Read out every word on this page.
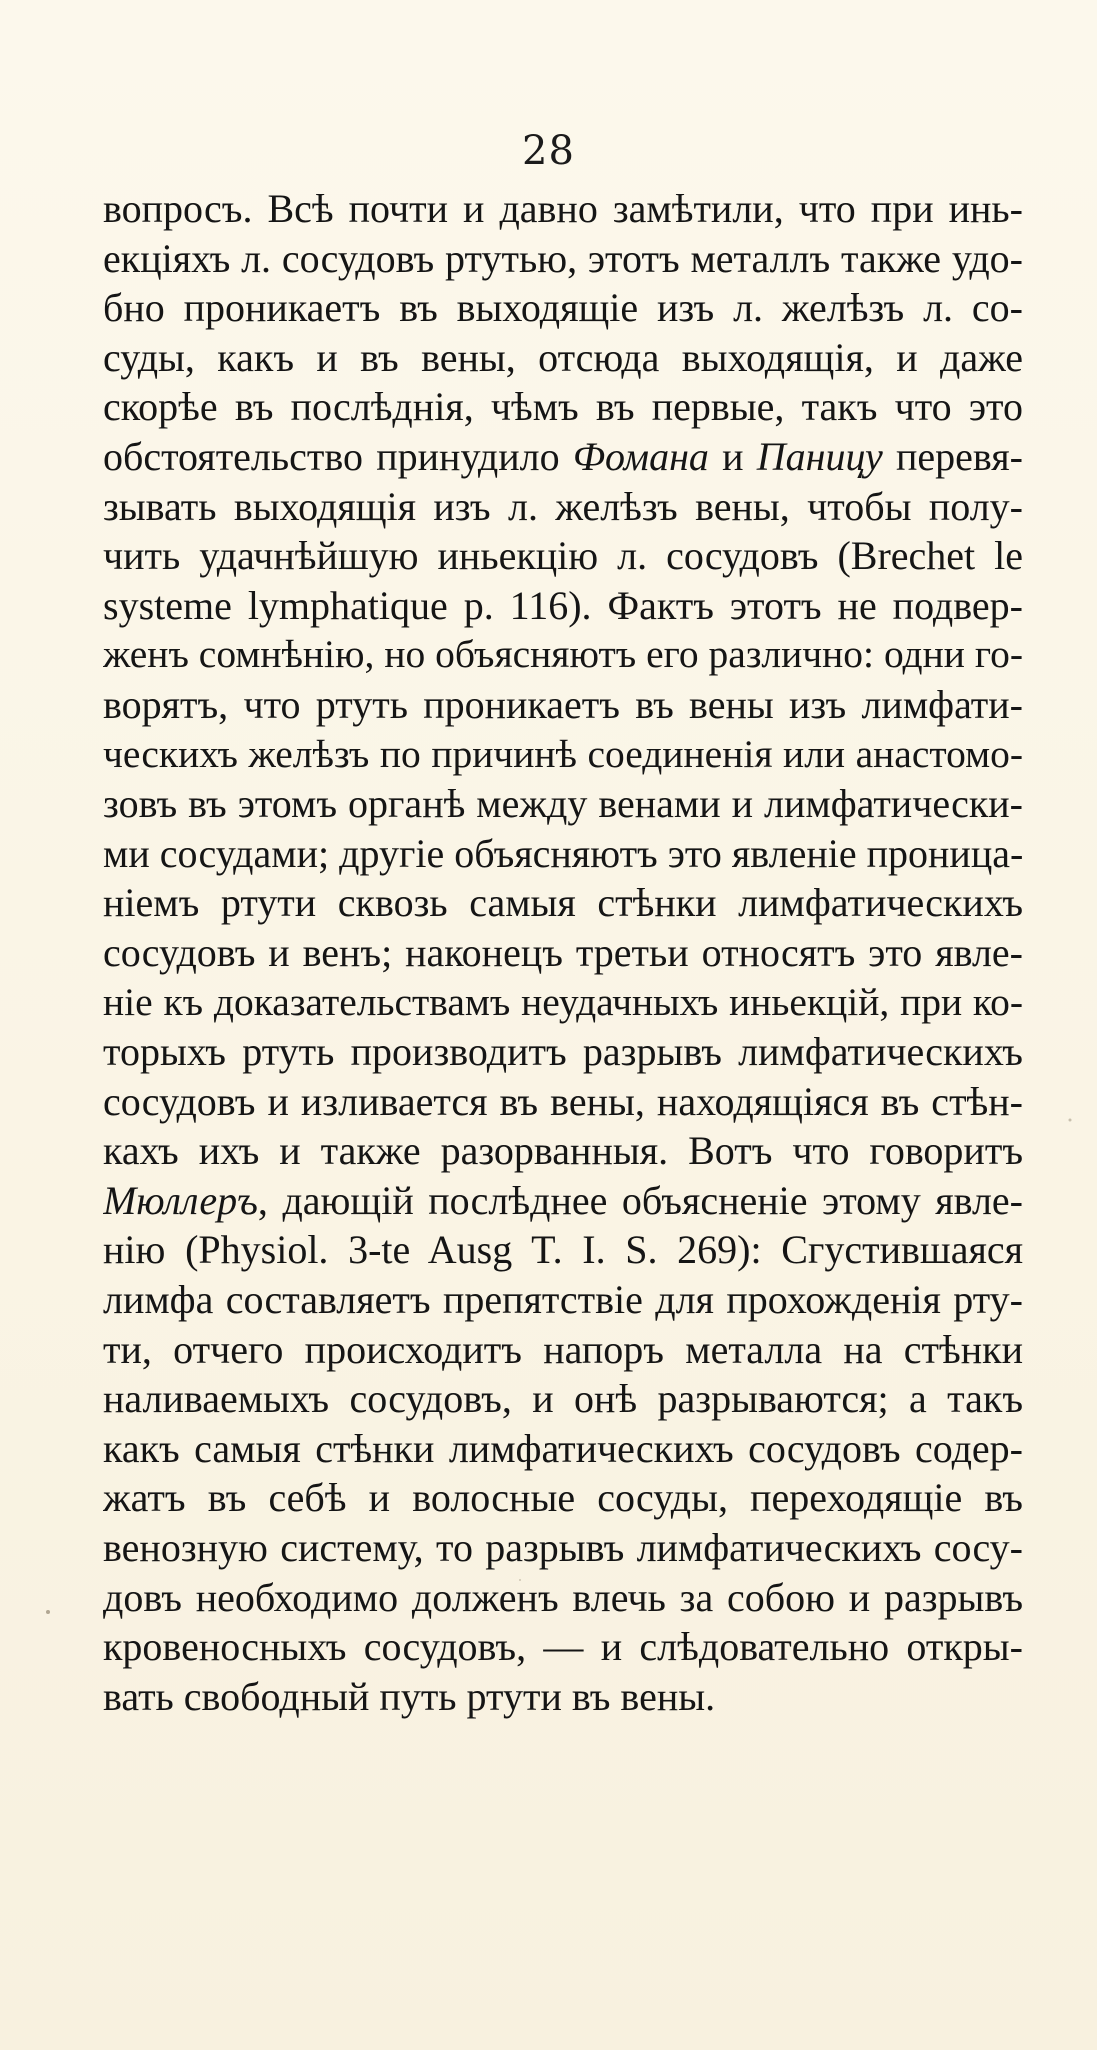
28
вопросъ. Всѣ почти и давно замѣтили, что при инь-
екціяхъ л. сосудовъ ртутью, этотъ металлъ также удо-
бно проникаетъ въ выходящіе изъ л. желѣзъ л. со-
суды, какъ и въ вены, отсюда выходящія, и даже
скорѣе въ послѣднія, чѣмъ въ первые, такъ что это
обстоятельство принудило Фомана и Паницу перевя-
зывать выходящія изъ л. желѣзъ вены, чтобы полу-
чить удачнѣйшую иньекцію л. сосудовъ (Brechet le
systeme lymphatique p. 116). Фактъ этотъ не подвер-
женъ сомнѣнію, но объясняютъ его различно: одни го-
ворятъ, что ртуть проникаетъ въ вены изъ лимфати-
ческихъ желѣзъ по причинѣ соединенія или анастомо-
зовъ въ этомъ органѣ между венами и лимфатически-
ми сосудами; другіе объясняютъ это явленіе проница-
ніемъ ртути сквозь самыя стѣнки лимфатическихъ
сосудовъ и венъ; наконецъ третьи относятъ это явле-
ніе къ доказательствамъ неудачныхъ иньекцій, при ко-
торыхъ ртуть производитъ разрывъ лимфатическихъ
сосудовъ и изливается въ вены, находящіяся въ стѣн-
кахъ ихъ и также разорванныя. Вотъ что говоритъ
Мюллеръ, дающій послѣднее объясненіе этому явле-
нію (Physiol. 3-te Ausg T. I. S. 269): Сгустившаяся
лимфа составляетъ препятствіе для прохожденія рту-
ти, отчего происходитъ напоръ металла на стѣнки
наливаемыхъ сосудовъ, и онѣ разрываются; а такъ
какъ самыя стѣнки лимфатическихъ сосудовъ содер-
жатъ въ себѣ и волосные сосуды, переходящіе въ
венозную систему, то разрывъ лимфатическихъ сосу-
довъ необходимо долженъ влечь за собою и разрывъ
кровеносныхъ сосудовъ, — и слѣдовательно откры-
вать свободный путь ртути въ вены.
